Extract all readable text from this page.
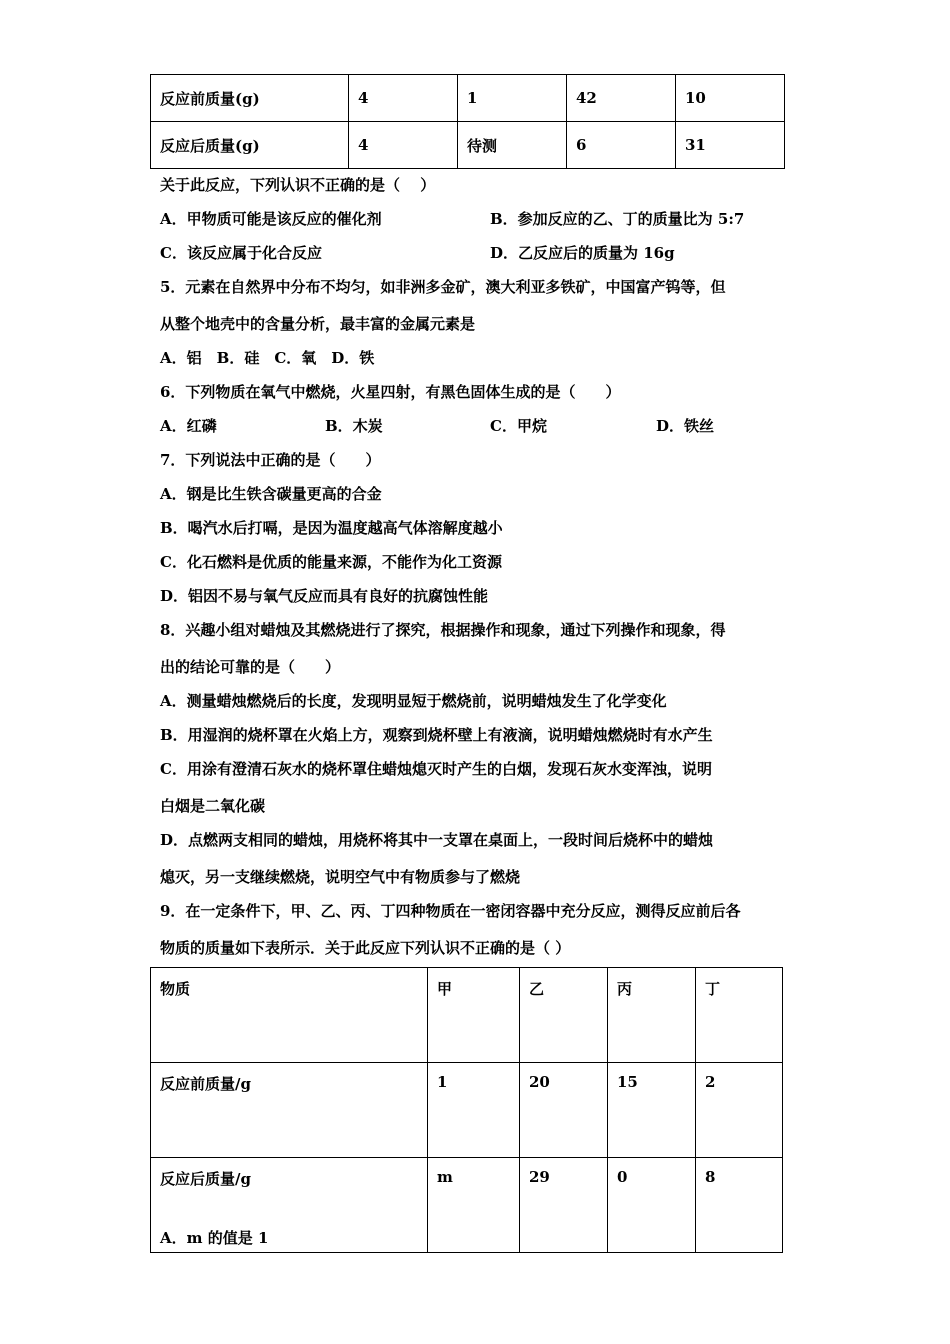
反应前质量(g)	4	1	42	10
反应后质量(g)	4	待测	6	31
关于此反应，下列认识不正确的是（　 ）
A．甲物质可能是该反应的催化剂	B．参加反应的乙、丁的质量比为 5:7
C．该反应属于化合反应	D．乙反应后的质量为 16g
5．元素在自然界中分布不均匀，如非洲多金矿，澳大利亚多铁矿，中国富产钨等，但
从整个地壳中的含量分析，最丰富的金属元素是
A．铝　B．硅　C．氧　D．铁
6．下列物质在氧气中燃烧，火星四射，有黑色固体生成的是（　　）
A．红磷	B．木炭	C．甲烷	D．铁丝
7．下列说法中正确的是（　　）
A．钢是比生铁含碳量更高的合金
B．喝汽水后打嗝，是因为温度越高气体溶解度越小
C．化石燃料是优质的能量来源，不能作为化工资源
D．铝因不易与氧气反应而具有良好的抗腐蚀性能
8．兴趣小组对蜡烛及其燃烧进行了探究，根据操作和现象，通过下列操作和现象，得
出的结论可靠的是（　　）
A．测量蜡烛燃烧后的长度，发现明显短于燃烧前，说明蜡烛发生了化学变化
B．用湿润的烧杯罩在火焰上方，观察到烧杯壁上有液滴，说明蜡烛燃烧时有水产生
C．用涂有澄清石灰水的烧杯罩住蜡烛熄灭时产生的白烟，发现石灰水变浑浊，说明
白烟是二氧化碳
D．点燃两支相同的蜡烛，用烧杯将其中一支罩在桌面上，一段时间后烧杯中的蜡烛
熄灭，另一支继续燃烧，说明空气中有物质参与了燃烧
9．在一定条件下，甲、乙、丙、丁四种物质在一密闭容器中充分反应，测得反应前后各
物质的质量如下表所示．关于此反应下列认识不正确的是（ ）
物质	甲	乙	丙	丁
反应前质量/g	1	20	15	2
反应后质量/g	m	29	0	8
A．m 的值是 1
